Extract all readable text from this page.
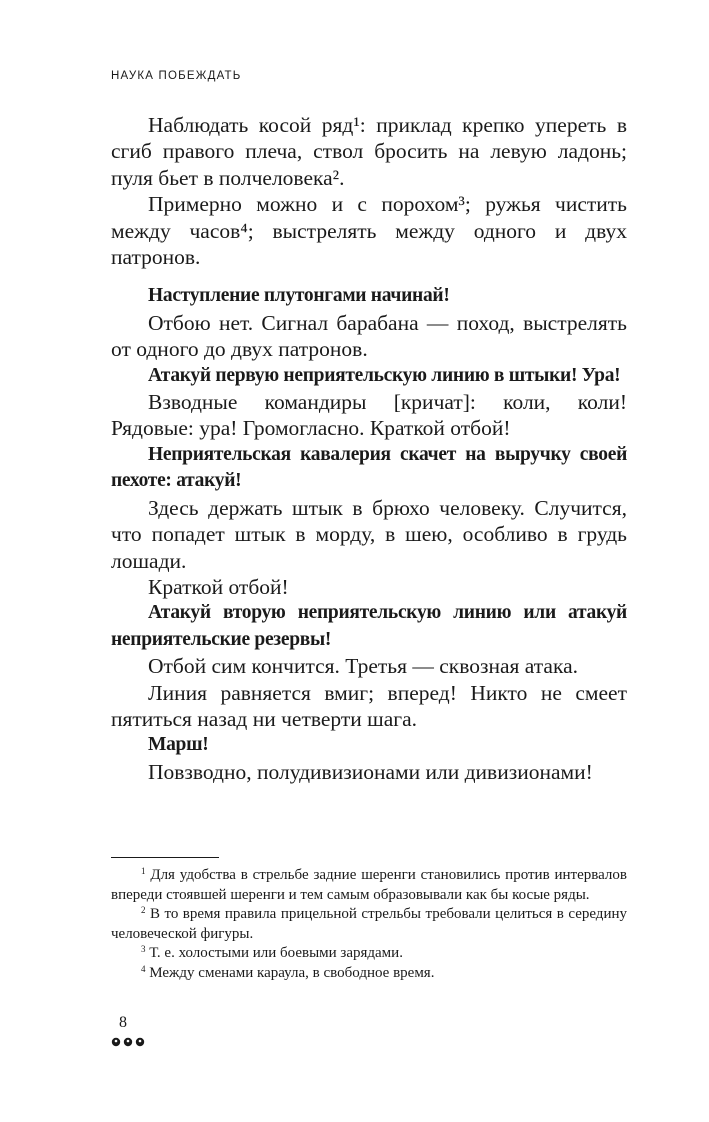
НАУКА ПОБЕЖДАТЬ

Наблюдать косой ряд¹: приклад крепко упереть в сгиб правого плеча, ствол бросить на левую ладонь; пуля бьет в полчеловека².

Примерно можно и с порохом³; ружья чистить между часов⁴; выстрелять между одного и двух патронов.

Наступление плутонгами начинай!

Отбою нет. Сигнал барабана — поход, выстрелять от одного до двух патронов.

Атакуй первую неприятельскую линию в штыки! Ура!

Взводные командиры [кричат]: коли, коли! Рядовые: ура! Громогласно. Краткой отбой!

Неприятельская кавалерия скачет на выручку своей пехоте: атакуй!

Здесь держать штык в брюхо человеку. Случится, что попадет штык в морду, в шею, особливо в грудь лошади.

Краткой отбой!

Атакуй вторую неприятельскую линию или атакуй неприятельские резервы!

Отбой сим кончится. Третья — сквозная атака.

Линия равняется вмиг; вперед! Никто не смеет пятиться назад ни четверти шага.

Марш!

Повзводно, полудивизионами или дивизионами!

$^1$ Для удобства в стрельбе задние шеренги становились против интервалов впереди стоявшей шеренги и тем самым образовывали как бы косые ряды.

$^2$ В то время правила прицельной стрельбы требовали целиться в середину человеческой фигуры.

$^3$ Т. е. холостыми или боевыми зарядами.

$^4$ Между сменами караула, в свободное время.

8
